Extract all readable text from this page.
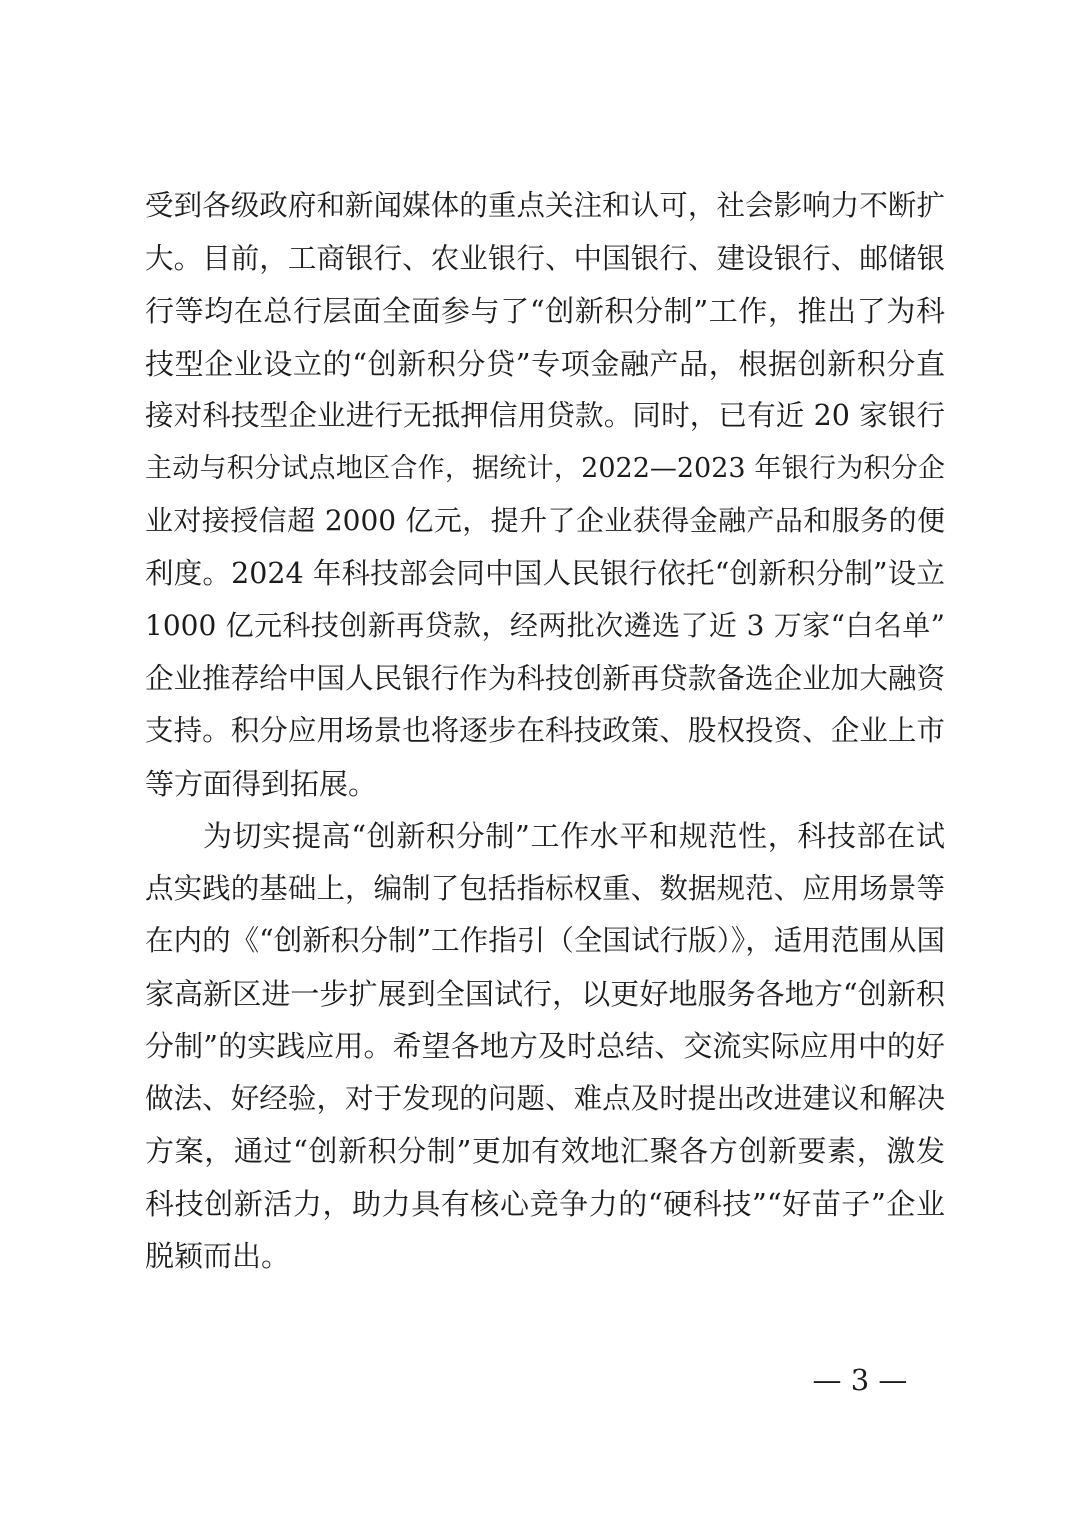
受到各级政府和新闻媒体的重点关注和认可，社会影响力不断扩
大。目前，工商银行、农业银行、中国银行、建设银行、邮储银
行等均在总行层面全面参与了“创新积分制”工作，推出了为科
技型企业设立的“创新积分贷”专项金融产品，根据创新积分直
接对科技型企业进行无抵押信用贷款。同时，已有近 20 家银行
主动与积分试点地区合作，据统计，2022—2023 年银行为积分企
业对接授信超 2000 亿元，提升了企业获得金融产品和服务的便
利度。2024 年科技部会同中国人民银行依托“创新积分制”设立
1000 亿元科技创新再贷款，经两批次遴选了近 3 万家“白名单”
企业推荐给中国人民银行作为科技创新再贷款备选企业加大融资
支持。积分应用场景也将逐步在科技政策、股权投资、企业上市
等方面得到拓展。
为切实提高“创新积分制”工作水平和规范性，科技部在试
点实践的基础上，编制了包括指标权重、数据规范、应用场景等
在内的《“创新积分制”工作指引（全国试行版）》，适用范围从国
家高新区进一步扩展到全国试行，以更好地服务各地方“创新积
分制”的实践应用。希望各地方及时总结、交流实际应用中的好
做法、好经验，对于发现的问题、难点及时提出改进建议和解决
方案，通过“创新积分制”更加有效地汇聚各方创新要素，激发
科技创新活力，助力具有核心竞争力的“硬科技”“好苗子”企业
脱颖而出。
— 3 —
